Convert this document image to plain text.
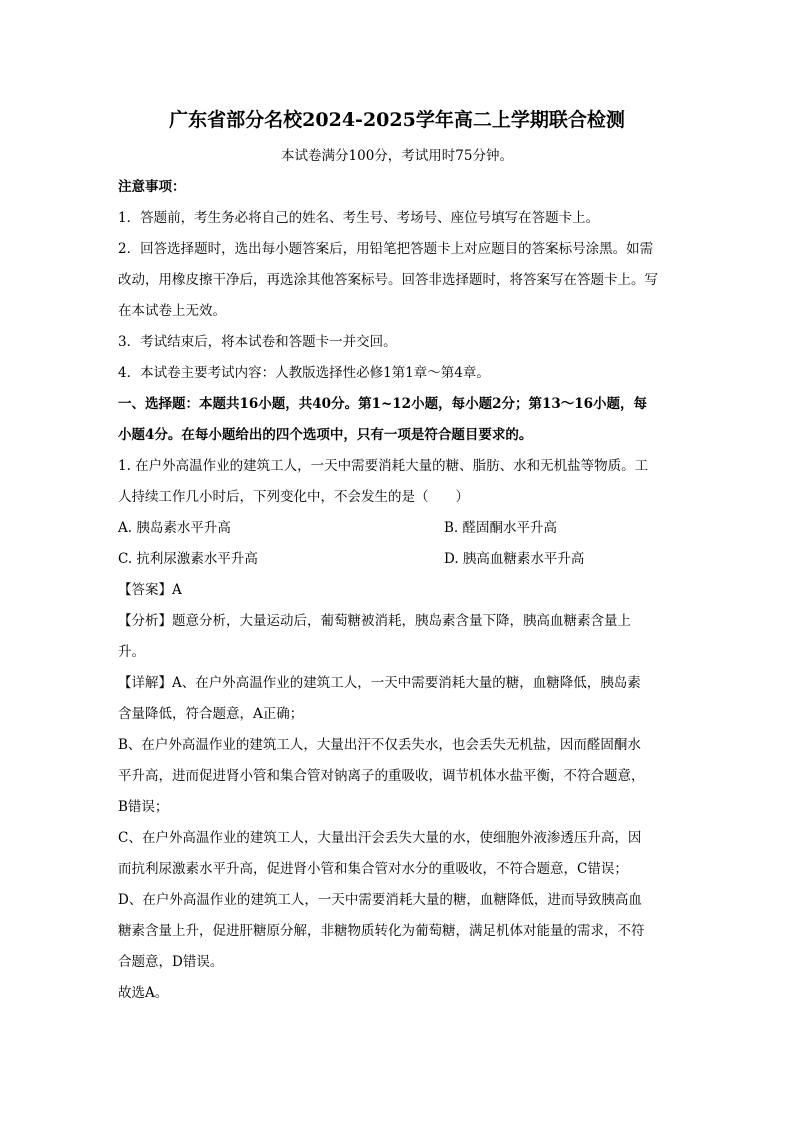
广东省部分名校2024-2025学年高二上学期联合检测
本试卷满分100分，考试用时75分钟。
注意事项：
1．答题前，考生务必将自己的姓名、考生号、考场号、座位号填写在答题卡上。
2．回答选择题时，选出每小题答案后，用铅笔把答题卡上对应题目的答案标号涂黑。如需
改动，用橡皮擦干净后，再选涂其他答案标号。回答非选择题时，将答案写在答题卡上。写
在本试卷上无效。
3．考试结束后，将本试卷和答题卡一并交回。
4．本试卷主要考试内容：人教版选择性必修1第1章～第4章。
一、选择题：本题共16小题，共40分。第1~12小题，每小题2分；第13～16小题，每
小题4分。在每小题给出的四个选项中，只有一项是符合题目要求的。
1. 在户外高温作业的建筑工人，一天中需要消耗大量的糖、脂肪、水和无机盐等物质。工
人持续工作几小时后，下列变化中，不会发生的是（　　）
A. 胰岛素水平升高	B. 醛固酮水平升高
C. 抗利尿激素水平升高	D. 胰高血糖素水平升高
【答案】A
【分析】题意分析，大量运动后，葡萄糖被消耗，胰岛素含量下降，胰高血糖素含量上
升。
【详解】A、在户外高温作业的建筑工人，一天中需要消耗大量的糖，血糖降低，胰岛素
含量降低，符合题意，A正确；
B、在户外高温作业的建筑工人，大量出汗不仅丢失水，也会丢失无机盐，因而醛固酮水
平升高，进而促进肾小管和集合管对钠离子的重吸收，调节机体水盐平衡，不符合题意，
B错误；
C、在户外高温作业的建筑工人，大量出汗会丢失大量的水，使细胞外液渗透压升高，因
而抗利尿激素水平升高，促进肾小管和集合管对水分的重吸收，不符合题意，C错误；
D、在户外高温作业的建筑工人，一天中需要消耗大量的糖，血糖降低，进而导致胰高血
糖素含量上升，促进肝糖原分解，非糖物质转化为葡萄糖，满足机体对能量的需求，不符
合题意，D错误。
故选A。
